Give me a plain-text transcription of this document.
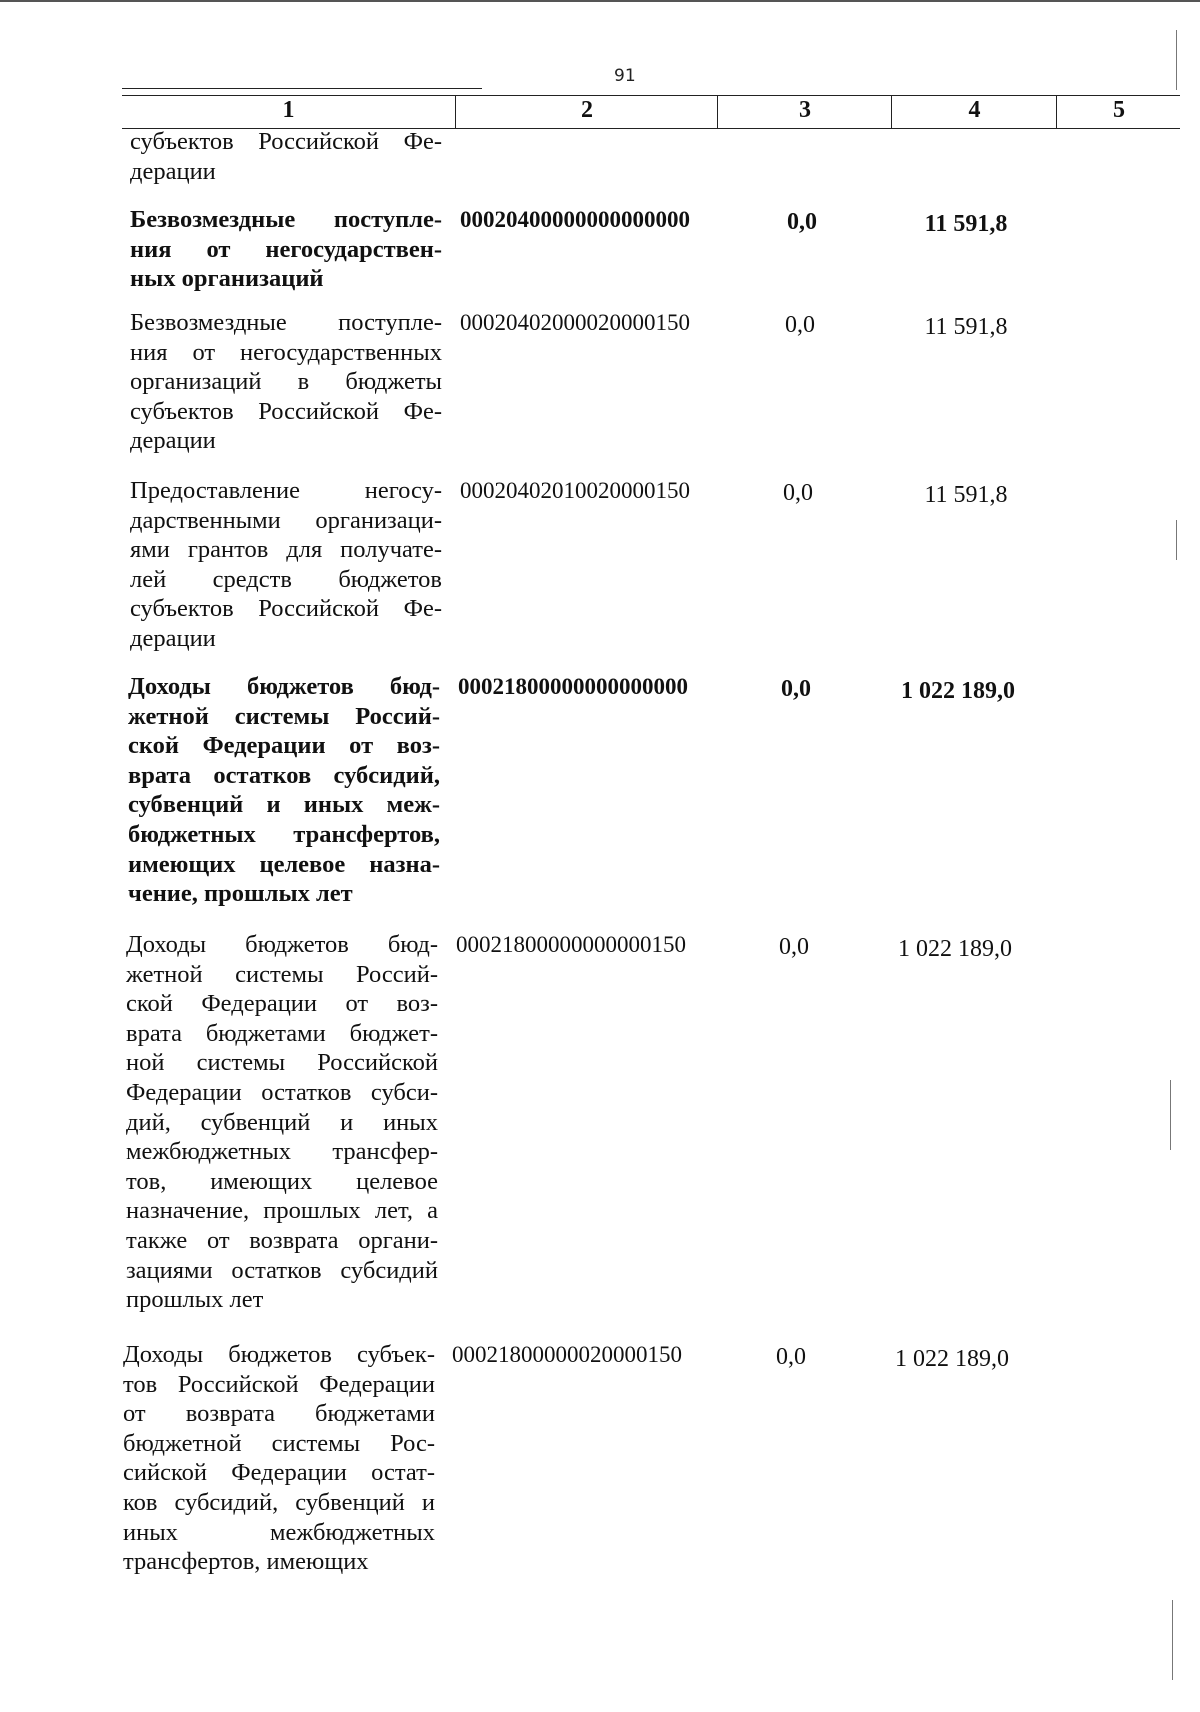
91
1	2	3	4	5
субъектов Российской Фе-
дерации
Безвозмездные поступле-
ния от негосударствен-
ных организаций
00020400000000000000	0,0	11 591,8
Безвозмездные поступле-
ния от негосударственных
организаций в бюджеты
субъектов Российской Фе-
дерации
00020402000020000150	0,0	11 591,8
Предоставление негосу-
дарственными организаци-
ями грантов для получате-
лей средств бюджетов
субъектов Российской Фе-
дерации
00020402010020000150	0,0	11 591,8
Доходы бюджетов бюд-
жетной системы Россий-
ской Федерации от воз-
врата остатков субсидий,
субвенций и иных меж-
бюджетных трансфертов,
имеющих целевое назна-
чение, прошлых лет
00021800000000000000	0,0	1 022 189,0
Доходы бюджетов бюд-
жетной системы Россий-
ской Федерации от воз-
врата бюджетами бюджет-
ной системы Российской
Федерации остатков субси-
дий, субвенций и иных
межбюджетных трансфер-
тов, имеющих целевое
назначение, прошлых лет, а
также от возврата органи-
зациями остатков субсидий
прошлых лет
00021800000000000150	0,0	1 022 189,0
Доходы бюджетов субъек-
тов Российской Федерации
от возврата бюджетами
бюджетной системы Рос-
сийской Федерации остат-
ков субсидий, субвенций и
иных межбюджетных
трансфертов, имеющих
00021800000020000150	0,0	1 022 189,0
